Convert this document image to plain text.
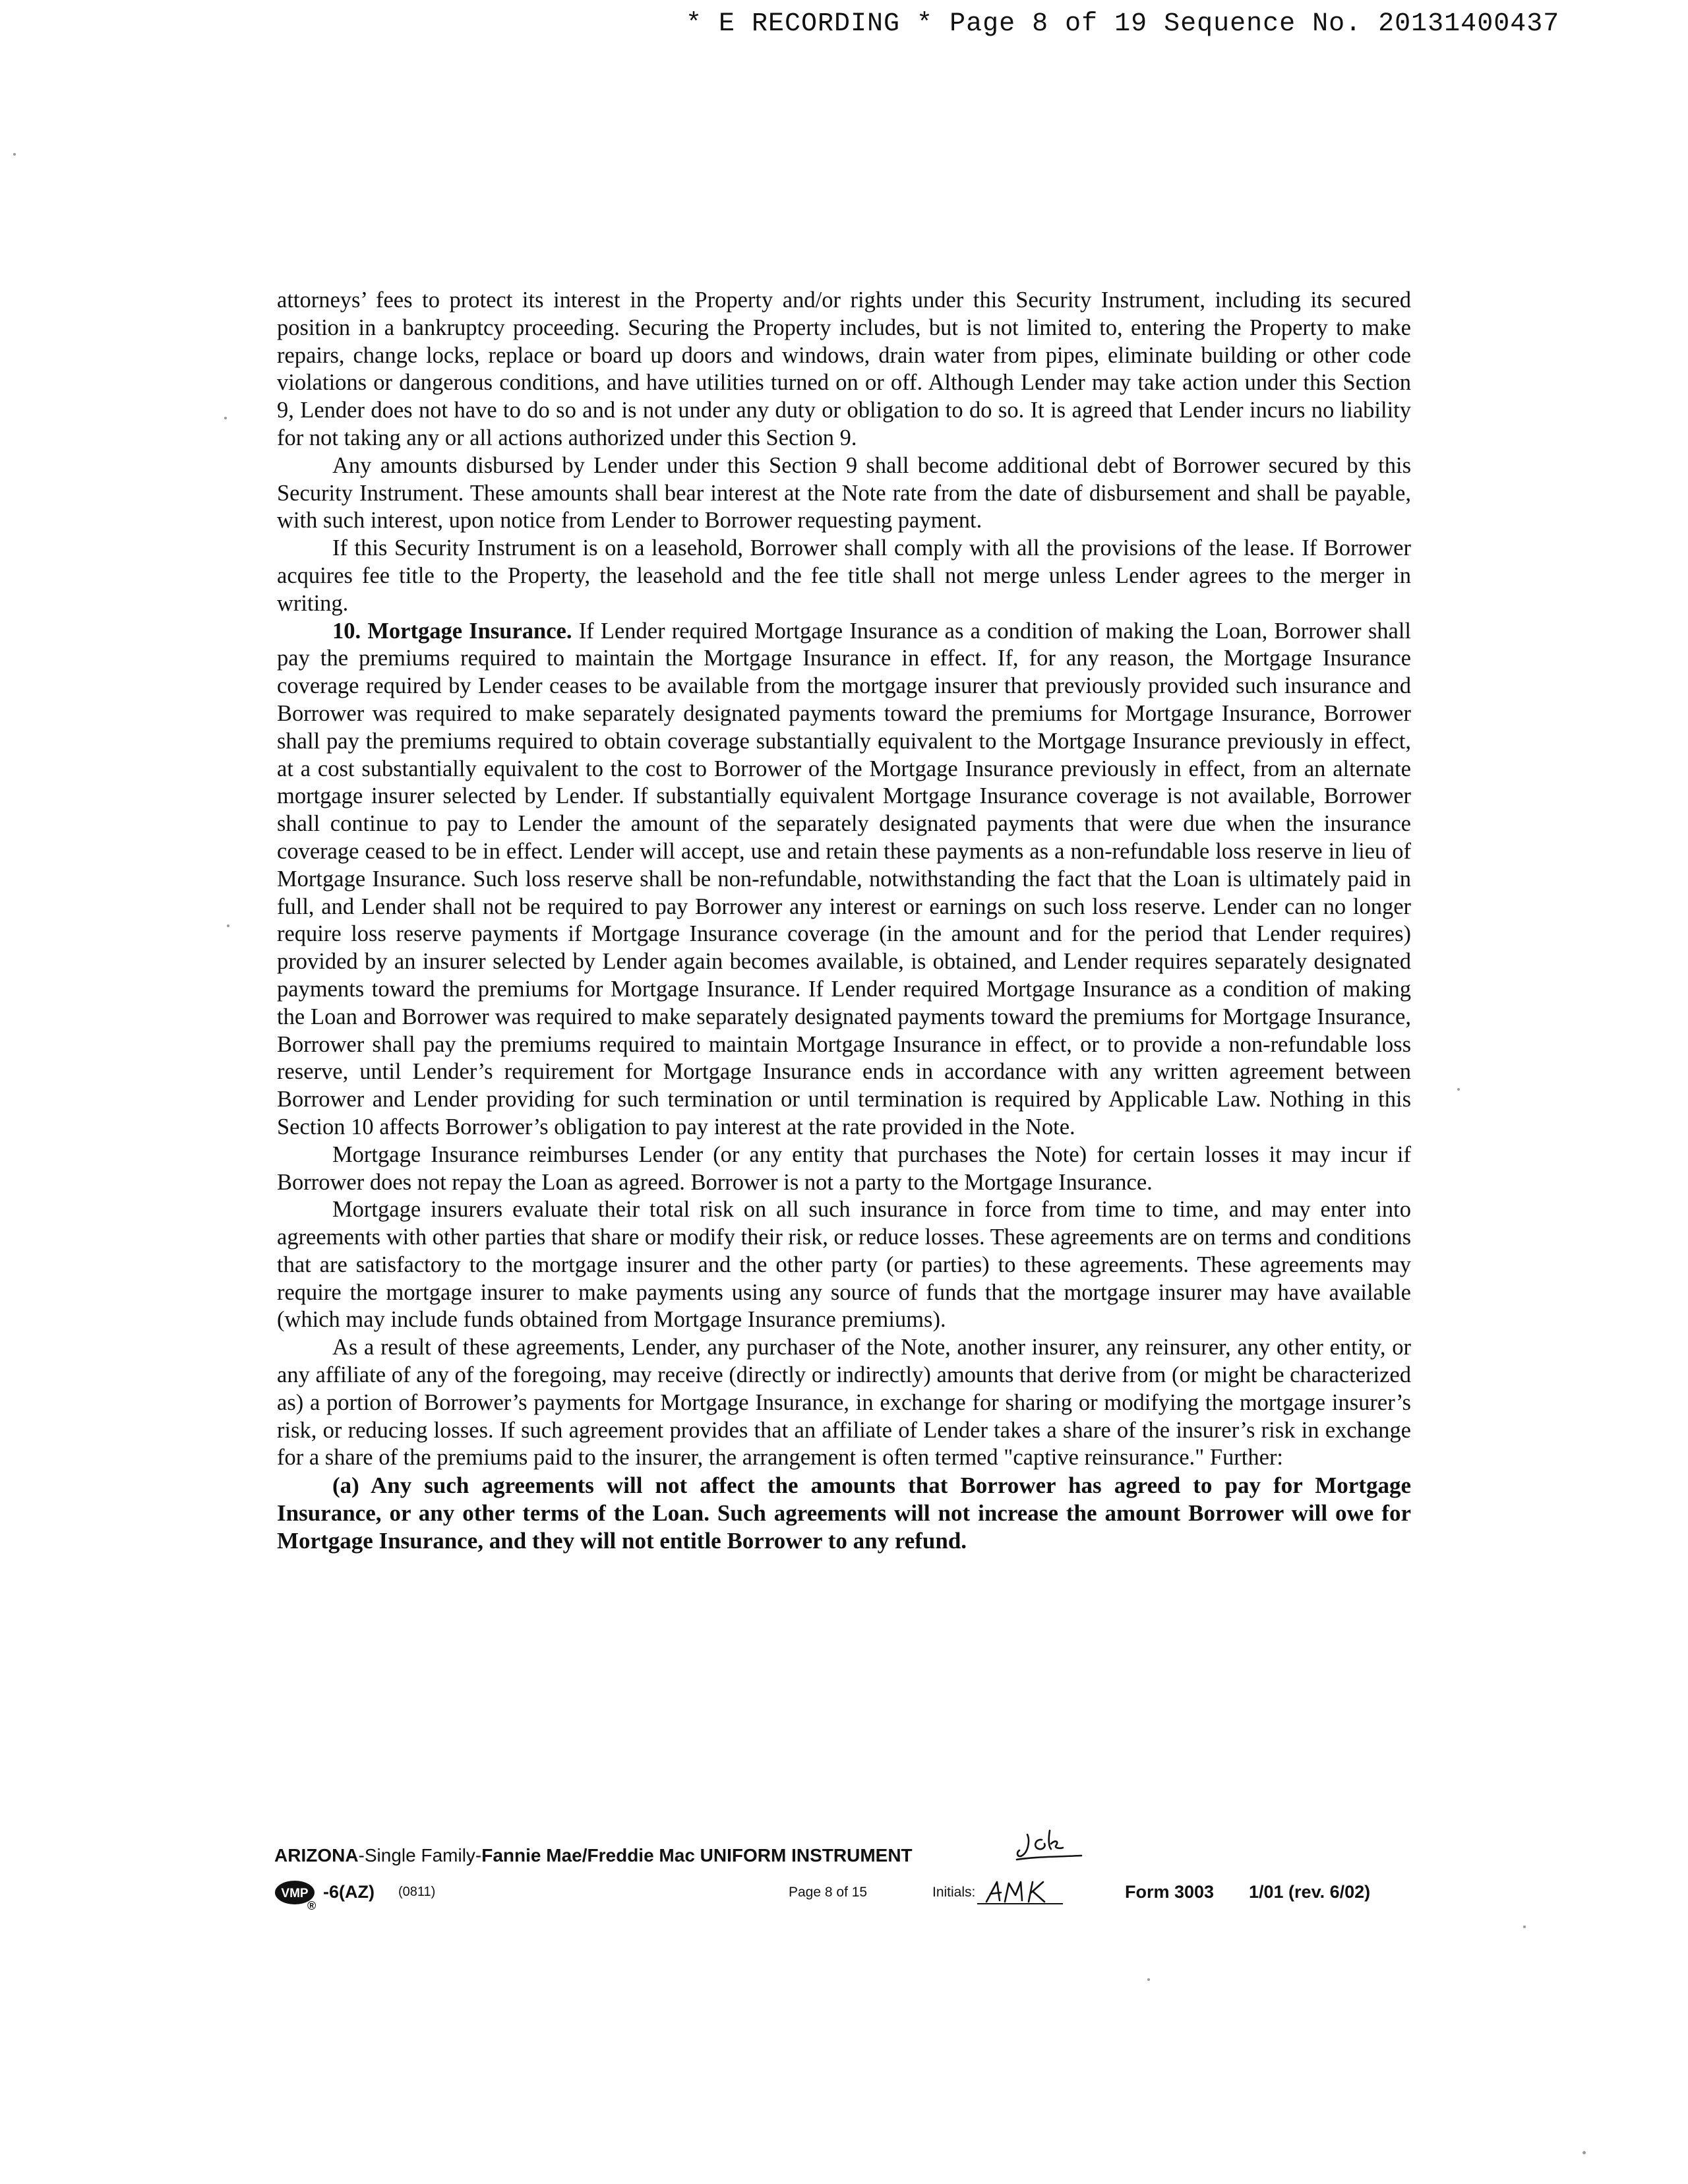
* E RECORDING * Page 8 of 19 Sequence No. 20131400437

attorneys’ fees to protect its interest in the Property and/or rights under this Security Instrument, including its secured position in a bankruptcy proceeding. Securing the Property includes, but is not limited to, entering the Property to make repairs, change locks, replace or board up doors and windows, drain water from pipes, eliminate building or other code violations or dangerous conditions, and have utilities turned on or off. Although Lender may take action under this Section 9, Lender does not have to do so and is not under any duty or obligation to do so. It is agreed that Lender incurs no liability for not taking any or all actions authorized under this Section 9.

Any amounts disbursed by Lender under this Section 9 shall become additional debt of Borrower secured by this Security Instrument. These amounts shall bear interest at the Note rate from the date of disbursement and shall be payable, with such interest, upon notice from Lender to Borrower requesting payment.

If this Security Instrument is on a leasehold, Borrower shall comply with all the provisions of the lease. If Borrower acquires fee title to the Property, the leasehold and the fee title shall not merge unless Lender agrees to the merger in writing.

10. Mortgage Insurance. If Lender required Mortgage Insurance as a condition of making the Loan, Borrower shall pay the premiums required to maintain the Mortgage Insurance in effect. If, for any reason, the Mortgage Insurance coverage required by Lender ceases to be available from the mortgage insurer that previously provided such insurance and Borrower was required to make separately designated payments toward the premiums for Mortgage Insurance, Borrower shall pay the premiums required to obtain coverage substantially equivalent to the Mortgage Insurance previously in effect, at a cost substantially equivalent to the cost to Borrower of the Mortgage Insurance previously in effect, from an alternate mortgage insurer selected by Lender. If substantially equivalent Mortgage Insurance coverage is not available, Borrower shall continue to pay to Lender the amount of the separately designated payments that were due when the insurance coverage ceased to be in effect. Lender will accept, use and retain these payments as a non-refundable loss reserve in lieu of Mortgage Insurance. Such loss reserve shall be non-refundable, notwithstanding the fact that the Loan is ultimately paid in full, and Lender shall not be required to pay Borrower any interest or earnings on such loss reserve. Lender can no longer require loss reserve payments if Mortgage Insurance coverage (in the amount and for the period that Lender requires) provided by an insurer selected by Lender again becomes available, is obtained, and Lender requires separately designated payments toward the premiums for Mortgage Insurance. If Lender required Mortgage Insurance as a condition of making the Loan and Borrower was required to make separately designated payments toward the premiums for Mortgage Insurance, Borrower shall pay the premiums required to maintain Mortgage Insurance in effect, or to provide a non-refundable loss reserve, until Lender’s requirement for Mortgage Insurance ends in accordance with any written agreement between Borrower and Lender providing for such termination or until termination is required by Applicable Law. Nothing in this Section 10 affects Borrower’s obligation to pay interest at the rate provided in the Note.

Mortgage Insurance reimburses Lender (or any entity that purchases the Note) for certain losses it may incur if Borrower does not repay the Loan as agreed. Borrower is not a party to the Mortgage Insurance.

Mortgage insurers evaluate their total risk on all such insurance in force from time to time, and may enter into agreements with other parties that share or modify their risk, or reduce losses. These agreements are on terms and conditions that are satisfactory to the mortgage insurer and the other party (or parties) to these agreements. These agreements may require the mortgage insurer to make payments using any source of funds that the mortgage insurer may have available (which may include funds obtained from Mortgage Insurance premiums).

As a result of these agreements, Lender, any purchaser of the Note, another insurer, any reinsurer, any other entity, or any affiliate of any of the foregoing, may receive (directly or indirectly) amounts that derive from (or might be characterized as) a portion of Borrower’s payments for Mortgage Insurance, in exchange for sharing or modifying the mortgage insurer’s risk, or reducing losses. If such agreement provides that an affiliate of Lender takes a share of the insurer’s risk in exchange for a share of the premiums paid to the insurer, the arrangement is often termed "captive reinsurance." Further:

(a) Any such agreements will not affect the amounts that Borrower has agreed to pay for Mortgage Insurance, or any other terms of the Loan. Such agreements will not increase the amount Borrower will owe for Mortgage Insurance, and they will not entitle Borrower to any refund.

ARIZONA-Single Family-Fannie Mae/Freddie Mac UNIFORM INSTRUMENT
VMP
®
-6(AZ) (0811)	Page 8 of 15	Initials:	Form 3003 1/01 (rev. 6/02)
